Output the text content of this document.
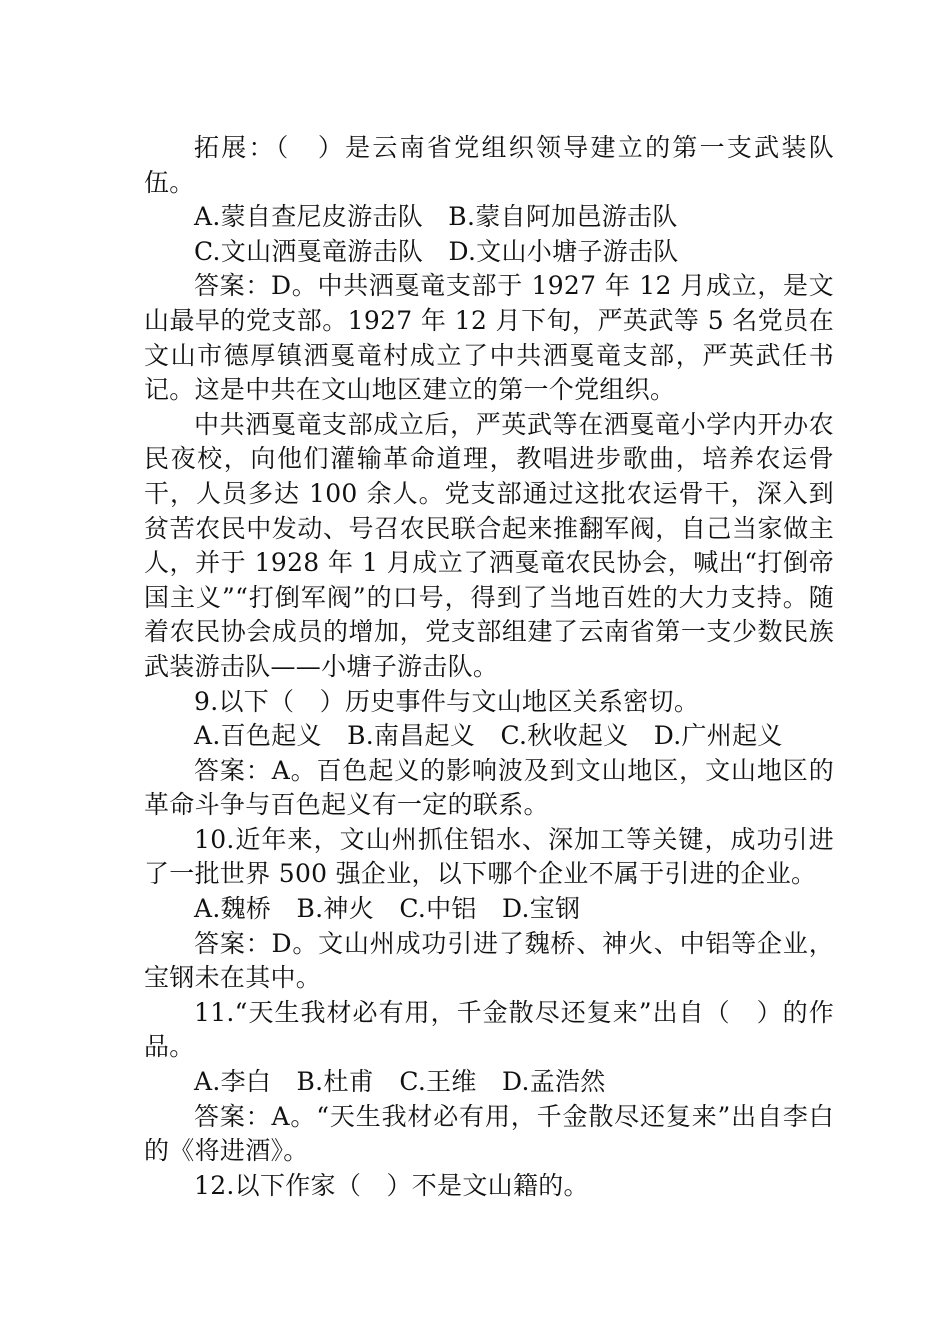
拓展：（　）是云南省党组织领导建立的第一支武装队伍。

A.蒙自查尼皮游击队　B.蒙自阿加邑游击队

C.文山洒戛竜游击队　D.文山小塘子游击队

答案：D。中共洒戛竜支部于 1927 年 12 月成立，是文山最早的党支部。1927 年 12 月下旬，严英武等 5 名党员在文山市德厚镇洒戛竜村成立了中共洒戛竜支部，严英武任书记。这是中共在文山地区建立的第一个党组织。

中共洒戛竜支部成立后，严英武等在洒戛竜小学内开办农民夜校，向他们灌输革命道理，教唱进步歌曲，培养农运骨干，人员多达 100 余人。党支部通过这批农运骨干，深入到贫苦农民中发动、号召农民联合起来推翻军阀，自己当家做主人，并于 1928 年 1 月成立了洒戛竜农民协会，喊出“打倒帝国主义”“打倒军阀”的口号，得到了当地百姓的大力支持。随着农民协会成员的增加，党支部组建了云南省第一支少数民族武装游击队——小塘子游击队。

9.以下（　）历史事件与文山地区关系密切。

A.百色起义　B.南昌起义　C.秋收起义　D.广州起义

答案：A。百色起义的影响波及到文山地区，文山地区的革命斗争与百色起义有一定的联系。

10.近年来，文山州抓住铝水、深加工等关键，成功引进了一批世界 500 强企业，以下哪个企业不属于引进的企业。

A.魏桥　B.神火　C.中铝　D.宝钢

答案：D。文山州成功引进了魏桥、神火、中铝等企业，宝钢未在其中。

11.“天生我材必有用，千金散尽还复来”出自（　）的作品。

A.李白　B.杜甫　C.王维　D.孟浩然

答案：A。“天生我材必有用，千金散尽还复来”出自李白的《将进酒》。

12.以下作家（　）不是文山籍的。
